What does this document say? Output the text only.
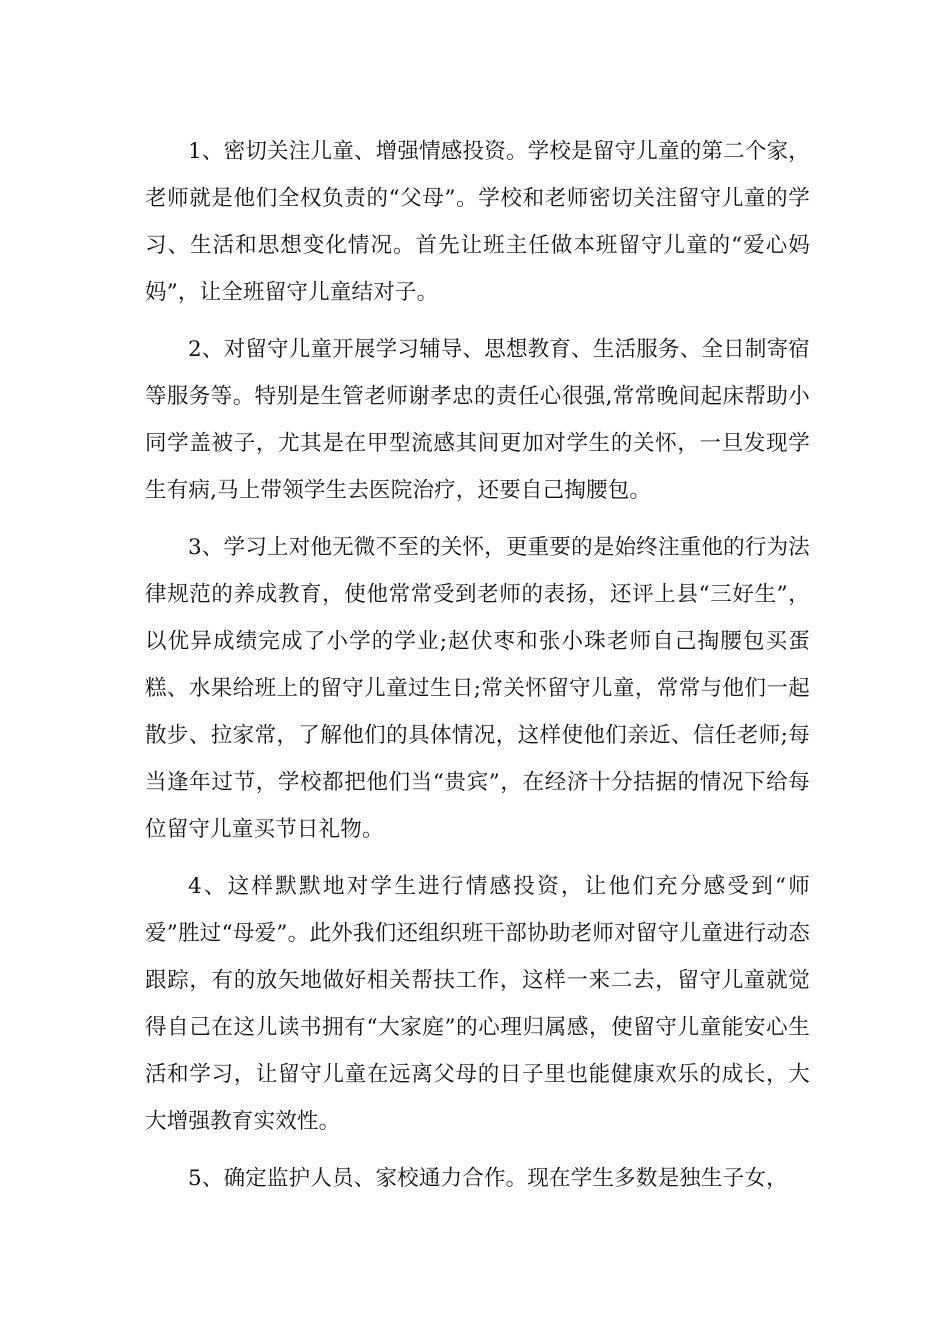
1、密切关注儿童、增强情感投资。学校是留守儿童的第二个家，老师就是他们全权负责的“父母”。学校和老师密切关注留守儿童的学习、生活和思想变化情况。首先让班主任做本班留守儿童的“爱心妈妈”，让全班留守儿童结对子。

2、对留守儿童开展学习辅导、思想教育、生活服务、全日制寄宿等服务等。特别是生管老师谢孝忠的责任心很强,常常晚间起床帮助小同学盖被子，尤其是在甲型流感其间更加对学生的关怀，一旦发现学生有病,马上带领学生去医院治疗，还要自己掏腰包。

3、学习上对他无微不至的关怀，更重要的是始终注重他的行为法律规范的养成教育，使他常常受到老师的表扬，还评上县“三好生”，以优异成绩完成了小学的学业;赵伏枣和张小珠老师自己掏腰包买蛋糕、水果给班上的留守儿童过生日;常关怀留守儿童，常常与他们一起散步、拉家常，了解他们的具体情况，这样使他们亲近、信任老师;每当逢年过节，学校都把他们当“贵宾”，在经济十分拮据的情况下给每位留守儿童买节日礼物。

4、这样默默地对学生进行情感投资，让他们充分感受到“师爱”胜过“母爱”。此外我们还组织班干部协助老师对留守儿童进行动态跟踪，有的放矢地做好相关帮扶工作，这样一来二去，留守儿童就觉得自己在这儿读书拥有“大家庭”的心理归属感，使留守儿童能安心生活和学习，让留守儿童在远离父母的日子里也能健康欢乐的成长，大大增强教育实效性。

5、确定监护人员、家校通力合作。现在学生多数是独生子女，
